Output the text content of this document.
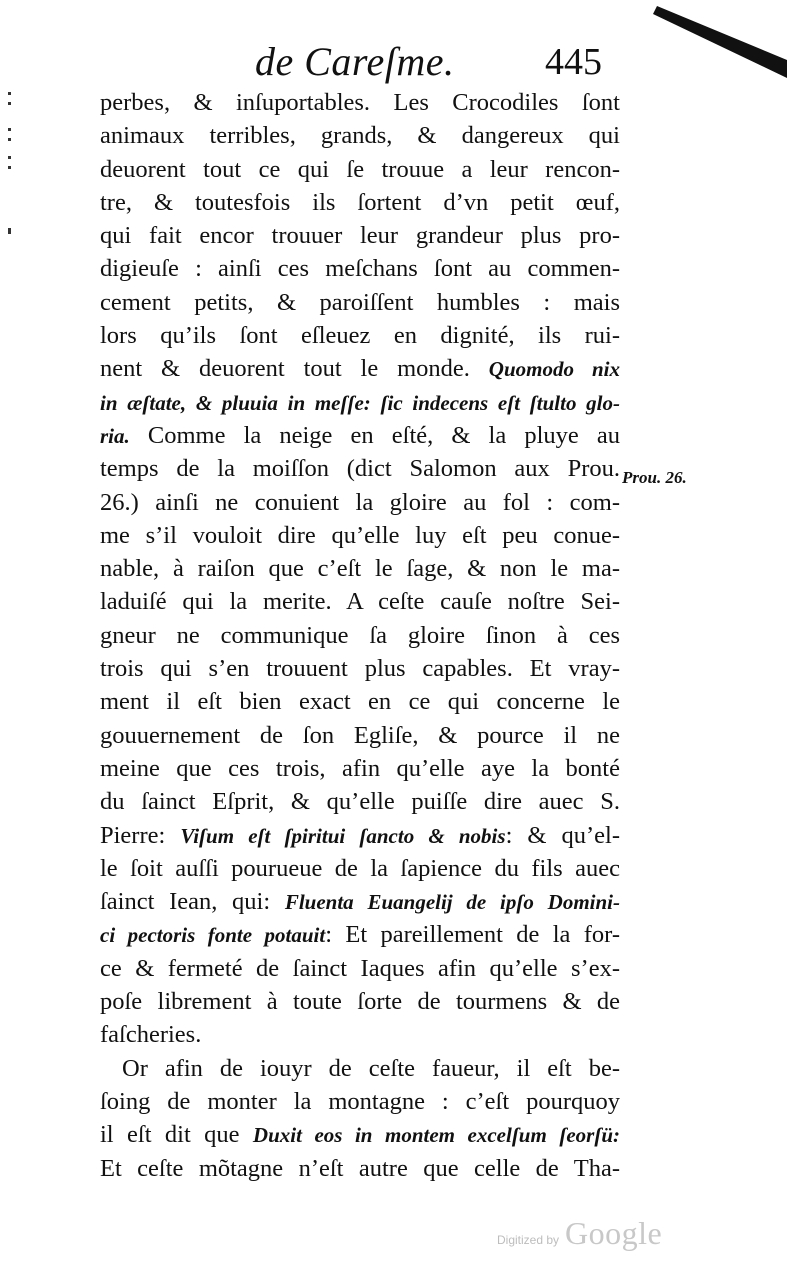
de Careſme. 445
perbes, & inſuportables. Les Crocodiles ſont
animaux terribles, grands, & dangereux qui
deuorent tout ce qui ſe trouue a leur rencon-
tre, & toutesfois ils ſortent d’vn petit œuf,
qui fait encor trouuer leur grandeur plus pro-
digieuſe : ainſi ces meſchans ſont au commen-
cement petits, & paroiſſent humbles : mais
lors qu’ils ſont eſleuez en dignité, ils rui-
nent & deuorent tout le monde. Quomodo nix
in æſtate, & pluuia in meſſe: ſic indecens eſt ſtulto glo-
ria. Comme la neige en eſté, & la pluye au
temps de la moiſſon (dict Salomon aux Prou.
26.) ainſi ne conuient la gloire au fol : com-
me s’il vouloit dire qu’elle luy eſt peu conue-
nable, à raiſon que c’eſt le ſage, & non le ma-
laduiſé qui la merite. A ceſte cauſe noſtre Sei-
gneur ne communique ſa gloire ſinon à ces
trois qui s’en trouuent plus capables. Et vray-
ment il eſt bien exact en ce qui concerne le
gouuernement de ſon Egliſe, & pource il ne
meine que ces trois, afin qu’elle aye la bonté
du ſainct Eſprit, & qu’elle puiſſe dire auec S.
Pierre: Viſum eſt ſpiritui ſancto & nobis: & qu’el-
le ſoit auſſi pourueue de la ſapience du fils auec
ſainct Iean, qui: Fluenta Euangelij de ipſo Domini-
ci pectoris fonte potauit: Et pareillement de la for-
ce & fermeté de ſainct Iaques afin qu’elle s’ex-
poſe librement à toute ſorte de tourmens & de
faſcheries.
Or afin de iouyr de ceſte faueur, il eſt be-
ſoing de monter la montagne : c’eſt pourquoy
il eſt dit que Duxit eos in montem excelſum ſeorſü:
Et ceſte mõtagne n’eſt autre que celle de Tha-
Prou. 26.
Digitized by Google
